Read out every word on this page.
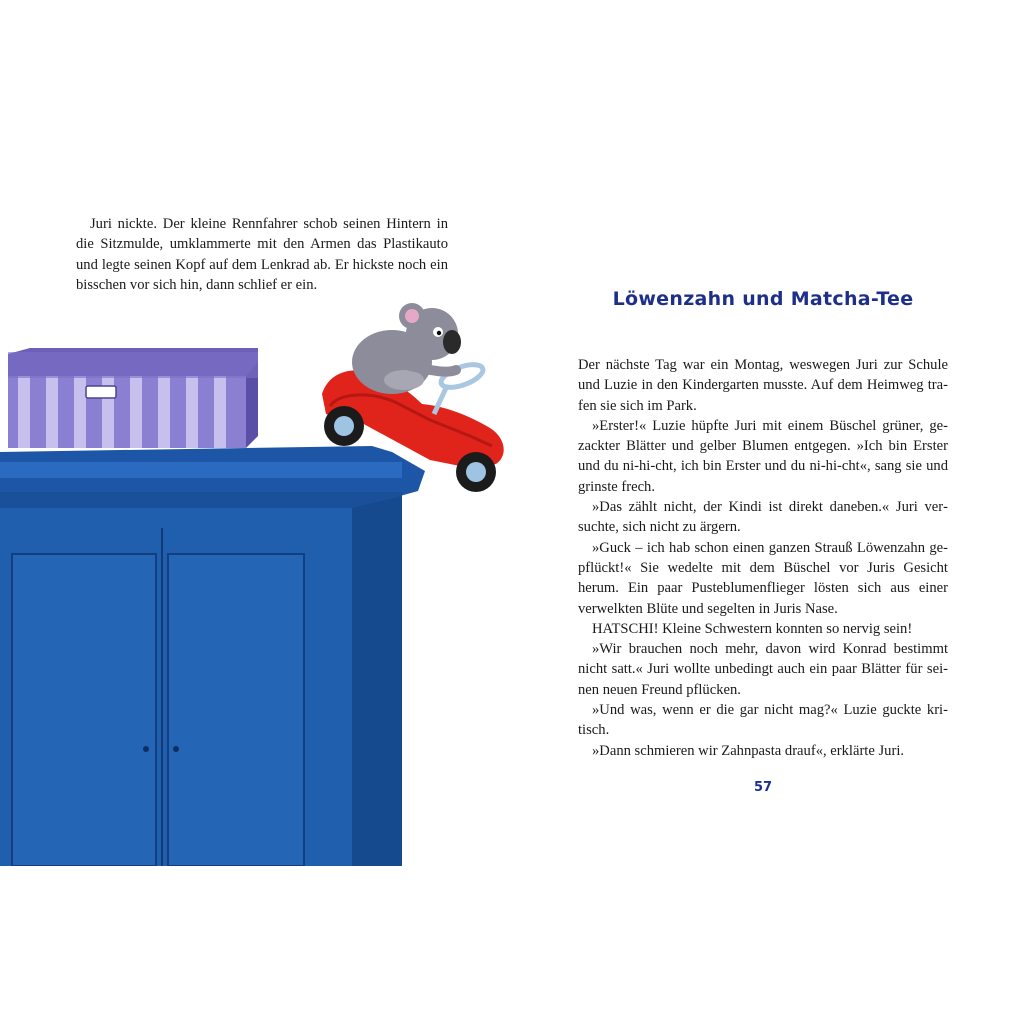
Juri nickte. Der kleine Rennfahrer schob seinen Hintern in die Sitzmulde, umklammerte mit den Armen das Plastikauto und legte seinen Kopf auf dem Lenkrad ab. Er hickste noch ein bisschen vor sich hin, dann schlief er ein.

Löwenzahn und Matcha-Tee

Der nächste Tag war ein Montag, weswegen Juri zur Schule und Luzie in den Kindergarten musste. Auf dem Heimweg trafen sie sich im Park.

»Erster!« Luzie hüpfte Juri mit einem Büschel grüner, gezackter Blätter und gelber Blumen entgegen. »Ich bin Erster und du ni-hi-cht, ich bin Erster und du ni-hi-cht«, sang sie und grinste frech.

»Das zählt nicht, der Kindi ist direkt daneben.« Juri versuchte, sich nicht zu ärgern.

»Guck – ich hab schon einen ganzen Strauß Löwenzahn gepflückt!« Sie wedelte mit dem Büschel vor Juris Gesicht herum. Ein paar Pusteblumenflieger lösten sich aus einer verwelkten Blüte und segelten in Juris Nase.

HATSCHI! Kleine Schwestern konnten so nervig sein!

»Wir brauchen noch mehr, davon wird Konrad bestimmt nicht satt.« Juri wollte unbedingt auch ein paar Blätter für seinen neuen Freund pflücken.

»Und was, wenn er die gar nicht mag?« Luzie guckte kritisch.

»Dann schmieren wir Zahnpasta drauf«, erklärte Juri.

57
